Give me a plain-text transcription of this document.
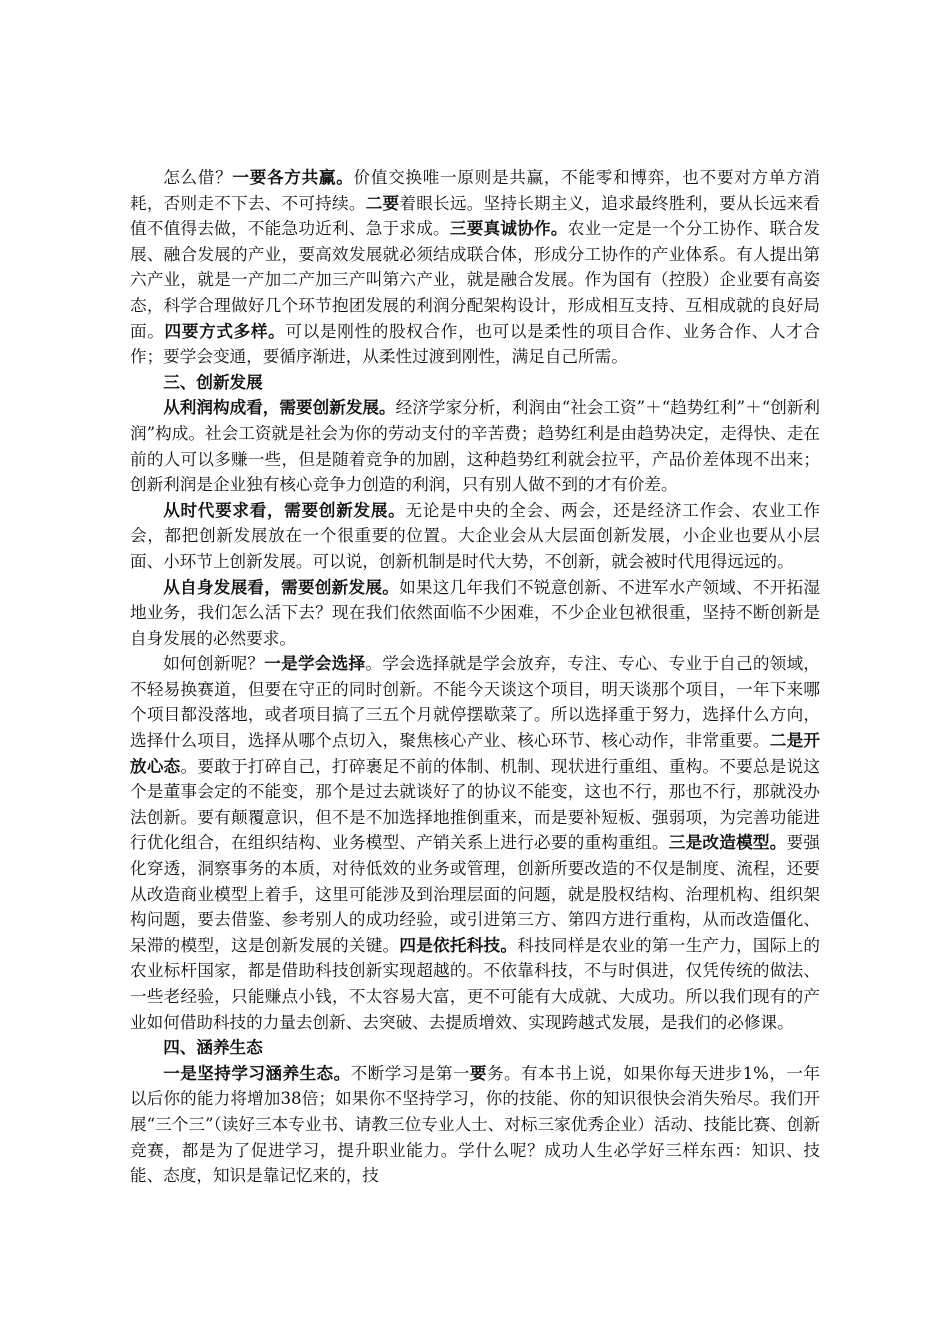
怎么借？一要各方共赢。价值交换唯一原则是共赢，不能零和博弈，也不要对方单方消耗，否则走不下去、不可持续。二要着眼长远。坚持长期主义，追求最终胜利，要从长远来看值不值得去做，不能急功近利、急于求成。三要真诚协作。农业一定是一个分工协作、联合发展、融合发展的产业，要高效发展就必须结成联合体，形成分工协作的产业体系。有人提出第六产业，就是一产加二产加三产叫第六产业，就是融合发展。作为国有（控股）企业要有高姿态，科学合理做好几个环节抱团发展的利润分配架构设计，形成相互支持、互相成就的良好局面。四要方式多样。可以是刚性的股权合作，也可以是柔性的项目合作、业务合作、人才合作；要学会变通，要循序渐进，从柔性过渡到刚性，满足自己所需。

三、创新发展

从利润构成看，需要创新发展。经济学家分析，利润由“社会工资”＋“趋势红利”＋“创新利润”构成。社会工资就是社会为你的劳动支付的辛苦费；趋势红利是由趋势决定，走得快、走在前的人可以多赚一些，但是随着竞争的加剧，这种趋势红利就会拉平，产品价差体现不出来；创新利润是企业独有核心竞争力创造的利润，只有别人做不到的才有价差。

从时代要求看，需要创新发展。无论是中央的全会、两会，还是经济工作会、农业工作会，都把创新发展放在一个很重要的位置。大企业会从大层面创新发展，小企业也要从小层面、小环节上创新发展。可以说，创新机制是时代大势，不创新，就会被时代甩得远远的。

从自身发展看，需要创新发展。如果这几年我们不锐意创新、不进军水产领域、不开拓湿地业务，我们怎么活下去？现在我们依然面临不少困难，不少企业包袱很重，坚持不断创新是自身发展的必然要求。

如何创新呢？一是学会选择。学会选择就是学会放弃，专注、专心、专业于自己的领域，不轻易换赛道，但要在守正的同时创新。不能今天谈这个项目，明天谈那个项目，一年下来哪个项目都没落地，或者项目搞了三五个月就停摆歇菜了。所以选择重于努力，选择什么方向，选择什么项目，选择从哪个点切入，聚焦核心产业、核心环节、核心动作，非常重要。二是开放心态。要敢于打碎自己，打碎裹足不前的体制、机制、现状进行重组、重构。不要总是说这个是董事会定的不能变，那个是过去就谈好了的协议不能变，这也不行，那也不行，那就没办法创新。要有颠覆意识，但不是不加选择地推倒重来，而是要补短板、强弱项，为完善功能进行优化组合，在组织结构、业务模型、产销关系上进行必要的重构重组。三是改造模型。要强化穿透，洞察事务的本质，对待低效的业务或管理，创新所要改造的不仅是制度、流程，还要从改造商业模型上着手，这里可能涉及到治理层面的问题，就是股权结构、治理机构、组织架构问题，要去借鉴、参考别人的成功经验，或引进第三方、第四方进行重构，从而改造僵化、呆滞的模型，这是创新发展的关键。四是依托科技。科技同样是农业的第一生产力，国际上的农业标杆国家，都是借助科技创新实现超越的。不依靠科技，不与时俱进，仅凭传统的做法、一些老经验，只能赚点小钱，不太容易大富，更不可能有大成就、大成功。所以我们现有的产业如何借助科技的力量去创新、去突破、去提质增效、实现跨越式发展，是我们的必修课。

四、涵养生态

一是坚持学习涵养生态。不断学习是第一要务。有本书上说，如果你每天进步1%，一年以后你的能力将增加38倍；如果你不坚持学习，你的技能、你的知识很快会消失殆尽。我们开展“三个三”（读好三本专业书、请教三位专业人士、对标三家优秀企业）活动、技能比赛、创新竞赛，都是为了促进学习，提升职业能力。学什么呢？成功人生必学好三样东西：知识、技能、态度，知识是靠记忆来的，技
